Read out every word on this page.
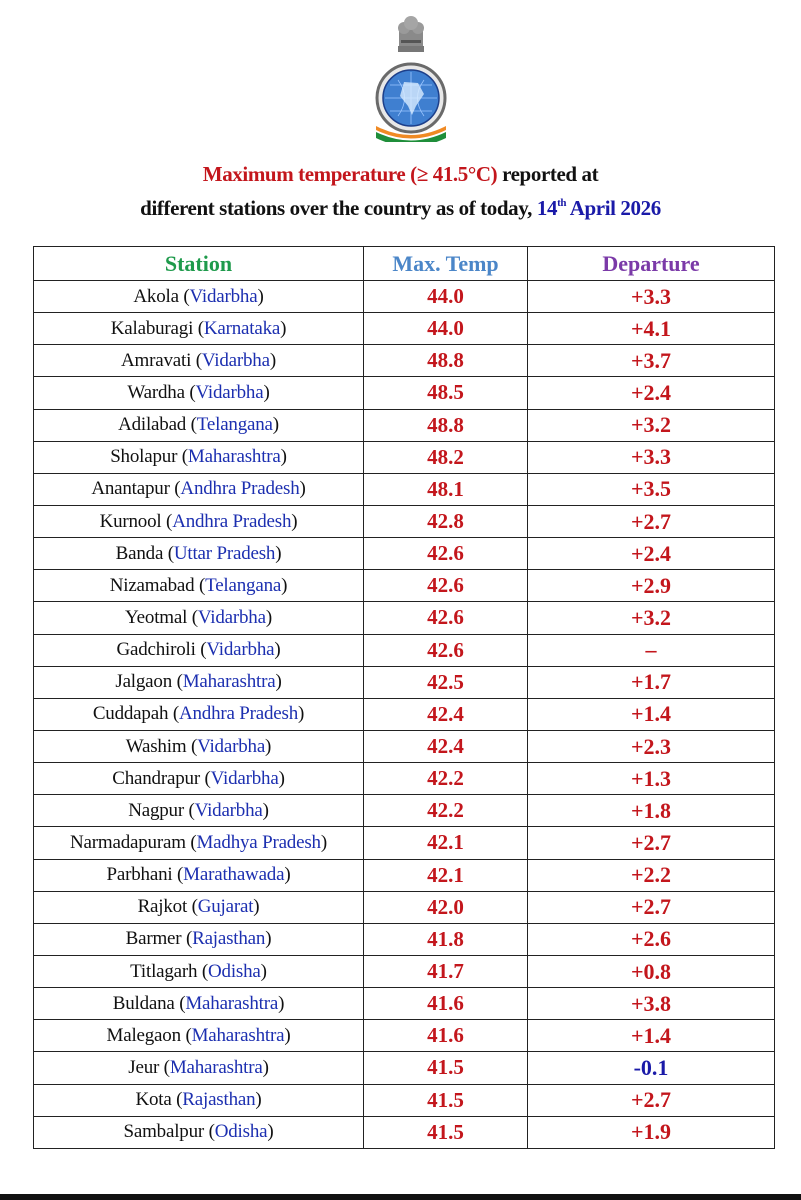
Maximum temperature (≥ 41.5°C) reported at
different stations over the country as of today, 14th April 2026
Station	Max. Temp	Departure
Akola (Vidarbha)	44.0	+3.3
Kalaburagi (Karnataka)	44.0	+4.1
Amravati (Vidarbha)	48.8	+3.7
Wardha (Vidarbha)	48.5	+2.4
Adilabad (Telangana)	48.8	+3.2
Sholapur (Maharashtra)	48.2	+3.3
Anantapur (Andhra Pradesh)	48.1	+3.5
Kurnool (Andhra Pradesh)	42.8	+2.7
Banda (Uttar Pradesh)	42.6	+2.4
Nizamabad (Telangana)	42.6	+2.9
Yeotmal (Vidarbha)	42.6	+3.2
Gadchiroli (Vidarbha)	42.6	–
Jalgaon (Maharashtra)	42.5	+1.7
Cuddapah (Andhra Pradesh)	42.4	+1.4
Washim (Vidarbha)	42.4	+2.3
Chandrapur (Vidarbha)	42.2	+1.3
Nagpur (Vidarbha)	42.2	+1.8
Narmadapuram (Madhya Pradesh)	42.1	+2.7
Parbhani (Marathawada)	42.1	+2.2
Rajkot (Gujarat)	42.0	+2.7
Barmer (Rajasthan)	41.8	+2.6
Titlagarh (Odisha)	41.7	+0.8
Buldana (Maharashtra)	41.6	+3.8
Malegaon (Maharashtra)	41.6	+1.4
Jeur (Maharashtra)	41.5	-0.1
Kota (Rajasthan)	41.5	+2.7
Sambalpur (Odisha)	41.5	+1.9
